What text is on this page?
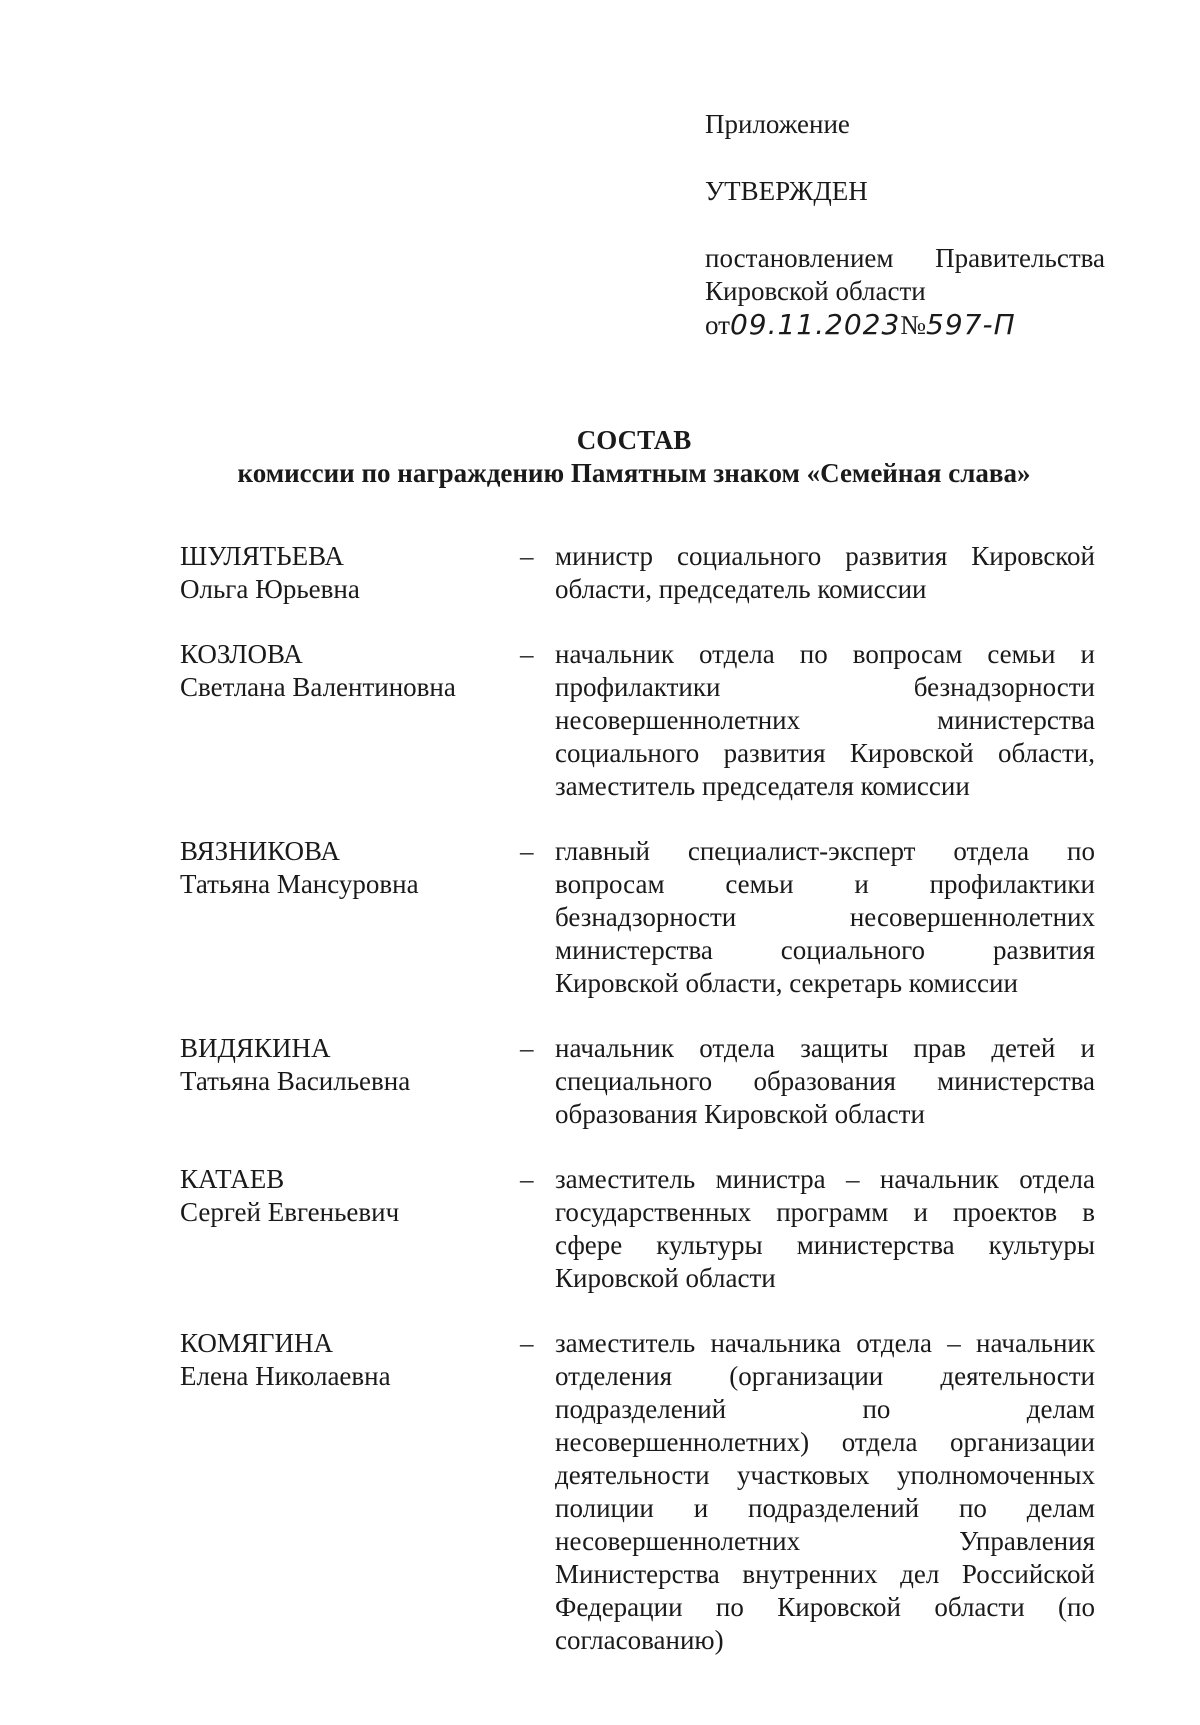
Приложение
УТВЕРЖДЕН
постановлением Правительства
Кировской области
от 09.11.2023 № 597-П
СОСТАВ
комиссии по награждению Памятным знаком «Семейная слава»
ШУЛЯТЬЕВА
Ольга Юрьевна
– министр социального развития Кировской области, председатель комиссии
КОЗЛОВА
Светлана Валентиновна
– начальник отдела по вопросам семьи и профилактики безнадзорности несовершеннолетних министерства социального развития Кировской области, заместитель председателя комиссии
ВЯЗНИКОВА
Татьяна Мансуровна
– главный специалист-эксперт отдела по вопросам семьи и профилактики безнадзорности несовершеннолетних министерства социального развития Кировской области, секретарь комиссии
ВИДЯКИНА
Татьяна Васильевна
– начальник отдела защиты прав детей и специального образования министерства образования Кировской области
КАТАЕВ
Сергей Евгеньевич
– заместитель министра – начальник отдела государственных программ и проектов в сфере культуры министерства культуры Кировской области
КОМЯГИНА
Елена Николаевна
– заместитель начальника отдела – начальник отделения (организации деятельности подразделений по делам несовершеннолетних) отдела организации деятельности участковых уполномоченных полиции и подразделений по делам несовершеннолетних Управления Министерства внутренних дел Российской Федерации по Кировской области (по согласованию)
